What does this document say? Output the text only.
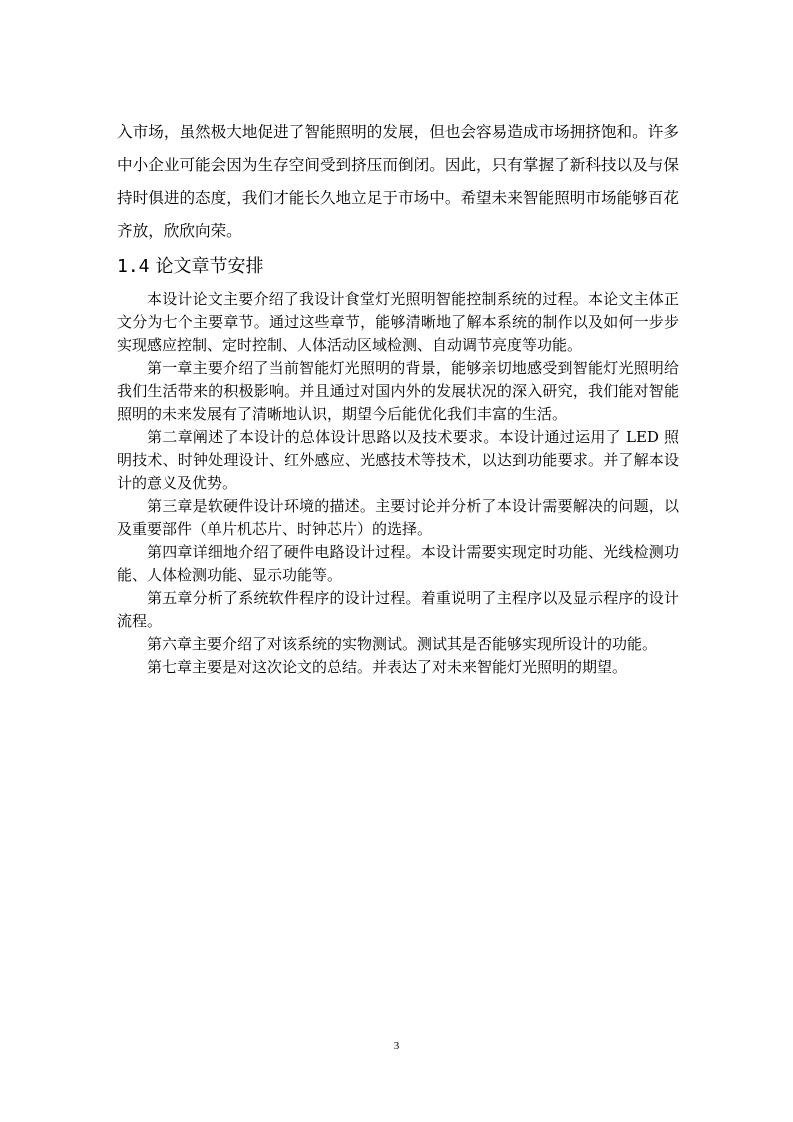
入市场，虽然极大地促进了智能照明的发展，但也会容易造成市场拥挤饱和。许多中小企业可能会因为生存空间受到挤压而倒闭。因此，只有掌握了新科技以及与保持时俱进的态度，我们才能长久地立足于市场中。希望未来智能照明市场能够百花齐放，欣欣向荣。

1.4 论文章节安排

本设计论文主要介绍了我设计食堂灯光照明智能控制系统的过程。本论文主体正文分为七个主要章节。通过这些章节，能够清晰地了解本系统的制作以及如何一步步实现感应控制、定时控制、人体活动区域检测、自动调节亮度等功能。

第一章主要介绍了当前智能灯光照明的背景，能够亲切地感受到智能灯光照明给我们生活带来的积极影响。并且通过对国内外的发展状况的深入研究，我们能对智能照明的未来发展有了清晰地认识，期望今后能优化我们丰富的生活。

第二章阐述了本设计的总体设计思路以及技术要求。本设计通过运用了 LED 照明技术、时钟处理设计、红外感应、光感技术等技术，以达到功能要求。并了解本设计的意义及优势。

第三章是软硬件设计环境的描述。主要讨论并分析了本设计需要解决的问题，以及重要部件（单片机芯片、时钟芯片）的选择。

第四章详细地介绍了硬件电路设计过程。本设计需要实现定时功能、光线检测功能、人体检测功能、显示功能等。

第五章分析了系统软件程序的设计过程。着重说明了主程序以及显示程序的设计流程。

第六章主要介绍了对该系统的实物测试。测试其是否能够实现所设计的功能。

第七章主要是对这次论文的总结。并表达了对未来智能灯光照明的期望。

3
